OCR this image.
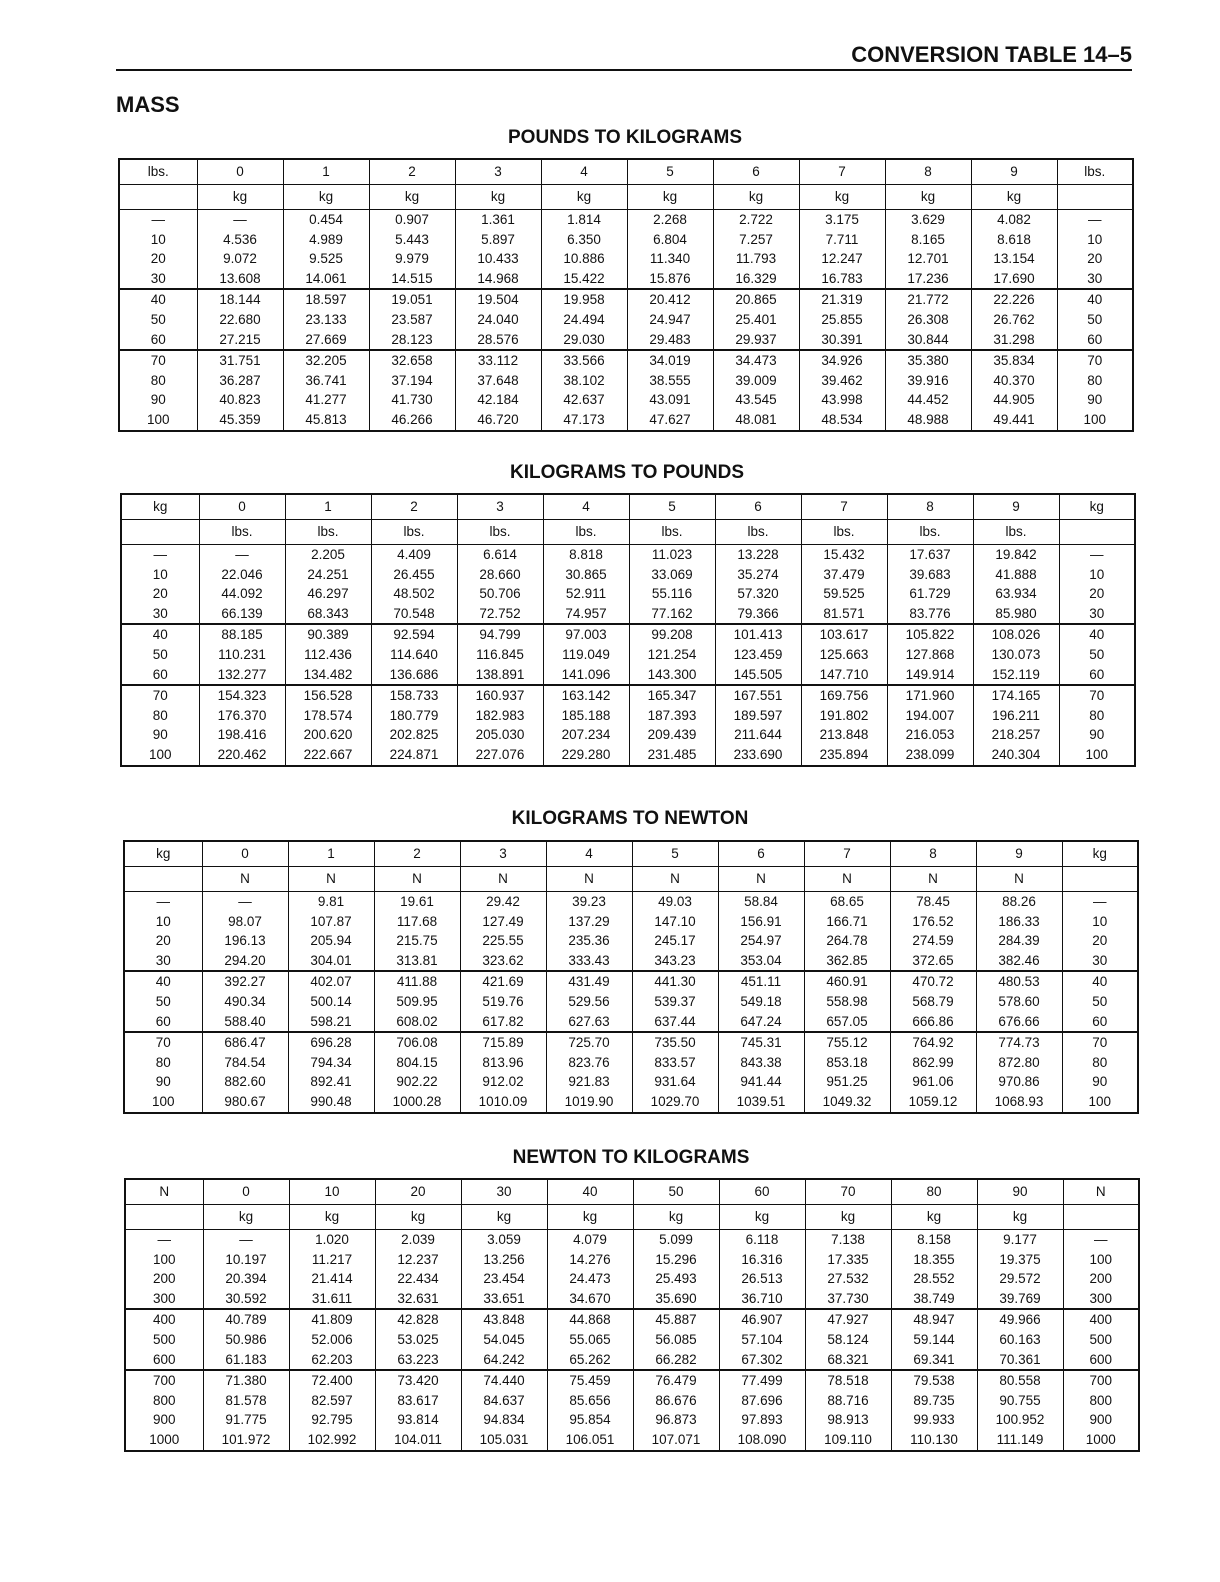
CONVERSION TABLE 14–5
MASS
POUNDS TO KILOGRAMS
lbs.	0	1	2	3	4	5	6	7	8	9	lbs.
	kg	kg	kg	kg	kg	kg	kg	kg	kg	kg	
—	—	0.454	0.907	1.361	1.814	2.268	2.722	3.175	3.629	4.082	—
10	4.536	4.989	5.443	5.897	6.350	6.804	7.257	7.711	8.165	8.618	10
20	9.072	9.525	9.979	10.433	10.886	11.340	11.793	12.247	12.701	13.154	20
30	13.608	14.061	14.515	14.968	15.422	15.876	16.329	16.783	17.236	17.690	30
40	18.144	18.597	19.051	19.504	19.958	20.412	20.865	21.319	21.772	22.226	40
50	22.680	23.133	23.587	24.040	24.494	24.947	25.401	25.855	26.308	26.762	50
60	27.215	27.669	28.123	28.576	29.030	29.483	29.937	30.391	30.844	31.298	60
70	31.751	32.205	32.658	33.112	33.566	34.019	34.473	34.926	35.380	35.834	70
80	36.287	36.741	37.194	37.648	38.102	38.555	39.009	39.462	39.916	40.370	80
90	40.823	41.277	41.730	42.184	42.637	43.091	43.545	43.998	44.452	44.905	90
100	45.359	45.813	46.266	46.720	47.173	47.627	48.081	48.534	48.988	49.441	100
KILOGRAMS TO POUNDS
kg	0	1	2	3	4	5	6	7	8	9	kg
	lbs.	lbs.	lbs.	lbs.	lbs.	lbs.	lbs.	lbs.	lbs.	lbs.	
—	—	2.205	4.409	6.614	8.818	11.023	13.228	15.432	17.637	19.842	—
10	22.046	24.251	26.455	28.660	30.865	33.069	35.274	37.479	39.683	41.888	10
20	44.092	46.297	48.502	50.706	52.911	55.116	57.320	59.525	61.729	63.934	20
30	66.139	68.343	70.548	72.752	74.957	77.162	79.366	81.571	83.776	85.980	30
40	88.185	90.389	92.594	94.799	97.003	99.208	101.413	103.617	105.822	108.026	40
50	110.231	112.436	114.640	116.845	119.049	121.254	123.459	125.663	127.868	130.073	50
60	132.277	134.482	136.686	138.891	141.096	143.300	145.505	147.710	149.914	152.119	60
70	154.323	156.528	158.733	160.937	163.142	165.347	167.551	169.756	171.960	174.165	70
80	176.370	178.574	180.779	182.983	185.188	187.393	189.597	191.802	194.007	196.211	80
90	198.416	200.620	202.825	205.030	207.234	209.439	211.644	213.848	216.053	218.257	90
100	220.462	222.667	224.871	227.076	229.280	231.485	233.690	235.894	238.099	240.304	100
KILOGRAMS TO NEWTON
kg	0	1	2	3	4	5	6	7	8	9	kg
	N	N	N	N	N	N	N	N	N	N	
—	—	9.81	19.61	29.42	39.23	49.03	58.84	68.65	78.45	88.26	—
10	98.07	107.87	117.68	127.49	137.29	147.10	156.91	166.71	176.52	186.33	10
20	196.13	205.94	215.75	225.55	235.36	245.17	254.97	264.78	274.59	284.39	20
30	294.20	304.01	313.81	323.62	333.43	343.23	353.04	362.85	372.65	382.46	30
40	392.27	402.07	411.88	421.69	431.49	441.30	451.11	460.91	470.72	480.53	40
50	490.34	500.14	509.95	519.76	529.56	539.37	549.18	558.98	568.79	578.60	50
60	588.40	598.21	608.02	617.82	627.63	637.44	647.24	657.05	666.86	676.66	60
70	686.47	696.28	706.08	715.89	725.70	735.50	745.31	755.12	764.92	774.73	70
80	784.54	794.34	804.15	813.96	823.76	833.57	843.38	853.18	862.99	872.80	80
90	882.60	892.41	902.22	912.02	921.83	931.64	941.44	951.25	961.06	970.86	90
100	980.67	990.48	1000.28	1010.09	1019.90	1029.70	1039.51	1049.32	1059.12	1068.93	100
NEWTON TO KILOGRAMS
N	0	10	20	30	40	50	60	70	80	90	N
	kg	kg	kg	kg	kg	kg	kg	kg	kg	kg	
—	—	1.020	2.039	3.059	4.079	5.099	6.118	7.138	8.158	9.177	—
100	10.197	11.217	12.237	13.256	14.276	15.296	16.316	17.335	18.355	19.375	100
200	20.394	21.414	22.434	23.454	24.473	25.493	26.513	27.532	28.552	29.572	200
300	30.592	31.611	32.631	33.651	34.670	35.690	36.710	37.730	38.749	39.769	300
400	40.789	41.809	42.828	43.848	44.868	45.887	46.907	47.927	48.947	49.966	400
500	50.986	52.006	53.025	54.045	55.065	56.085	57.104	58.124	59.144	60.163	500
600	61.183	62.203	63.223	64.242	65.262	66.282	67.302	68.321	69.341	70.361	600
700	71.380	72.400	73.420	74.440	75.459	76.479	77.499	78.518	79.538	80.558	700
800	81.578	82.597	83.617	84.637	85.656	86.676	87.696	88.716	89.735	90.755	800
900	91.775	92.795	93.814	94.834	95.854	96.873	97.893	98.913	99.933	100.952	900
1000	101.972	102.992	104.011	105.031	106.051	107.071	108.090	109.110	110.130	111.149	1000
